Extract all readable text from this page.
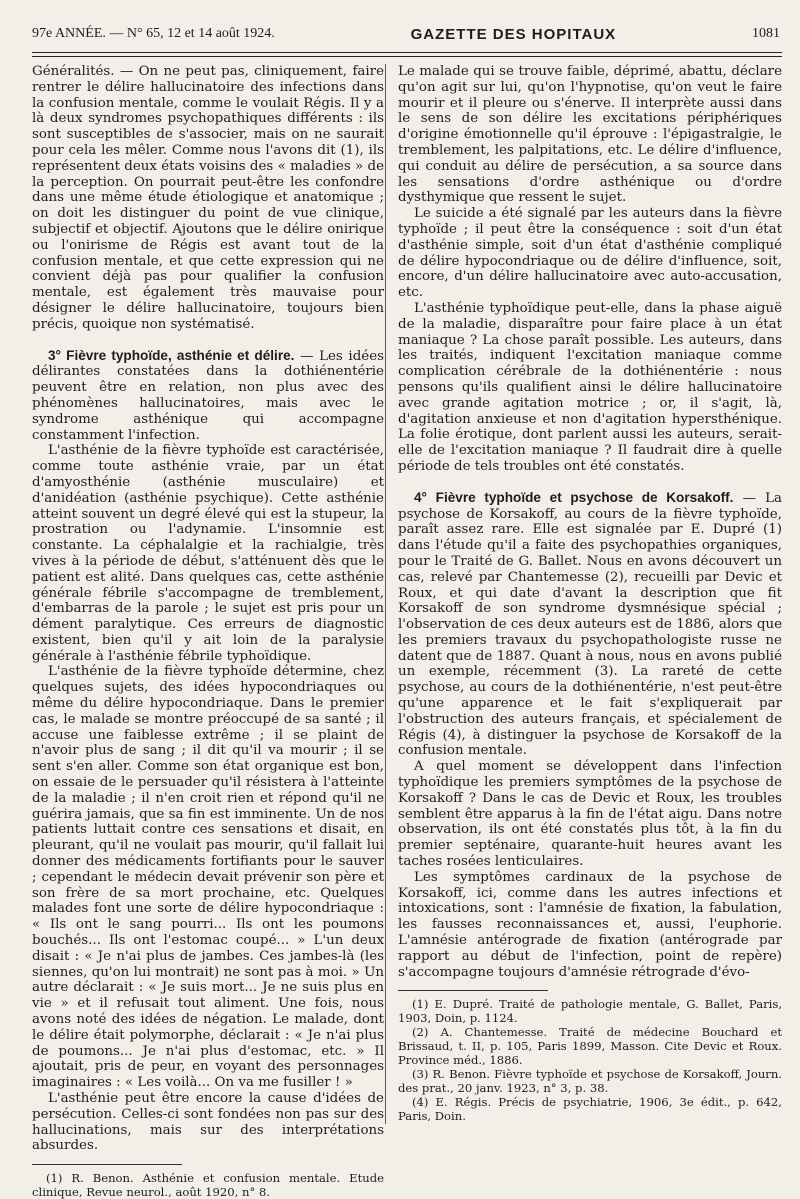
97e ANNÉE. — N° 65, 12 et 14 août 1924.	GAZETTE DES HOPITAUX	1081

Généralités. — On ne peut pas, cliniquement, faire rentrer le délire hallucinatoire des infections dans la confusion mentale, comme le voulait Régis. Il y a là deux syndromes psychopathiques différents : ils sont susceptibles de s'associer, mais on ne saurait pour cela les mêler. Comme nous l'avons dit (1), ils représentent deux états voisins des « maladies » de la perception. On pourrait peut-être les confondre dans une même étude étiologique et anatomique ; on doit les distinguer du point de vue clinique, subjectif et objectif. Ajoutons que le délire onirique ou l'onirisme de Régis est avant tout de la confusion mentale, et que cette expression qui ne convient déjà pas pour qualifier la confusion mentale, est également très mauvaise pour désigner le délire hallucinatoire, toujours bien précis, quoique non systématisé.

3° Fièvre typhoïde, asthénie et délire. — Les idées délirantes constatées dans la dothiénentérie peuvent être en relation, non plus avec des phénomènes hallucinatoires, mais avec le syndrome asthénique qui accompagne constamment l'infection.

L'asthénie de la fièvre typhoïde est caractérisée, comme toute asthénie vraie, par un état d'amyosthénie (asthénie musculaire) et d'anidéation (asthénie psychique). Cette asthénie atteint souvent un degré élevé qui est la stupeur, la prostration ou l'adynamie. L'insomnie est constante. La céphalalgie et la rachialgie, très vives à la période de début, s'atténuent dès que le patient est alité. Dans quelques cas, cette asthénie générale fébrile s'accompagne de tremblement, d'embarras de la parole ; le sujet est pris pour un dément paralytique. Ces erreurs de diagnostic existent, bien qu'il y ait loin de la paralysie générale à l'asthénie fébrile typhoïdique.

L'asthénie de la fièvre typhoïde détermine, chez quelques sujets, des idées hypocondriaques ou même du délire hypocondriaque. Dans le premier cas, le malade se montre préoccupé de sa santé ; il accuse une faiblesse extrême ; il se plaint de n'avoir plus de sang ; il dit qu'il va mourir ; il se sent s'en aller. Comme son état organique est bon, on essaie de le persuader qu'il résistera à l'atteinte de la maladie ; il n'en croit rien et répond qu'il ne guérira jamais, que sa fin est imminente. Un de nos patients luttait contre ces sensations et disait, en pleurant, qu'il ne voulait pas mourir, qu'il fallait lui donner des médicaments fortifiants pour le sauver ; cependant le médecin devait prévenir son père et son frère de sa mort prochaine, etc. Quelques malades font une sorte de délire hypocondriaque : « Ils ont le sang pourri... Ils ont les poumons bouchés... Ils ont l'estomac coupé... » L'un deux disait : « Je n'ai plus de jambes. Ces jambes-là (les siennes, qu'on lui montrait) ne sont pas à moi. » Un autre déclarait : « Je suis mort... Je ne suis plus en vie » et il refusait tout aliment. Une fois, nous avons noté des idées de négation. Le malade, dont le délire était polymorphe, déclarait : « Je n'ai plus de poumons... Je n'ai plus d'estomac, etc. » Il ajoutait, pris de peur, en voyant des personnages imaginaires : « Les voilà... On va me fusiller ! »

L'asthénie peut être encore la cause d'idées de persécution. Celles-ci sont fondées non pas sur des hallucinations, mais sur des interprétations absurdes.

(1) R. Benon. Asthénie et confusion mentale. Etude clinique, Revue neurol., août 1920, n° 8.

Le malade qui se trouve faible, déprimé, abattu, déclare qu'on agit sur lui, qu'on l'hypnotise, qu'on veut le faire mourir et il pleure ou s'énerve. Il interprète aussi dans le sens de son délire les excitations périphériques d'origine émotionnelle qu'il éprouve : l'épigastralgie, le tremblement, les palpitations, etc. Le délire d'influence, qui conduit au délire de persécution, a sa source dans les sensations d'ordre asthénique ou d'ordre dysthymique que ressent le sujet.

Le suicide a été signalé par les auteurs dans la fièvre typhoïde ; il peut être la conséquence : soit d'un état d'asthénie simple, soit d'un état d'asthénie compliqué de délire hypocondriaque ou de délire d'influence, soit, encore, d'un délire hallucinatoire avec auto-accusation, etc.

L'asthénie typhoïdique peut-elle, dans la phase aiguë de la maladie, disparaître pour faire place à un état maniaque ? La chose paraît possible. Les auteurs, dans les traités, indiquent l'excitation maniaque comme complication cérébrale de la dothiénentérie : nous pensons qu'ils qualifient ainsi le délire hallucinatoire avec grande agitation motrice ; or, il s'agit, là, d'agitation anxieuse et non d'agitation hypersthénique. La folie érotique, dont parlent aussi les auteurs, serait-elle de l'excitation maniaque ? Il faudrait dire à quelle période de tels troubles ont été constatés.

4° Fièvre typhoïde et psychose de Korsakoff. — La psychose de Korsakoff, au cours de la fièvre typhoïde, paraît assez rare. Elle est signalée par E. Dupré (1) dans l'étude qu'il a faite des psychopathies organiques, pour le Traité de G. Ballet. Nous en avons découvert un cas, relevé par Chantemesse (2), recueilli par Devic et Roux, et qui date d'avant la description que fit Korsakoff de son syndrome dysmnésique spécial ; l'observation de ces deux auteurs est de 1886, alors que les premiers travaux du psychopathologiste russe ne datent que de 1887. Quant à nous, nous en avons publié un exemple, récemment (3). La rareté de cette psychose, au cours de la dothiénentérie, n'est peut-être qu'une apparence et le fait s'expliquerait par l'obstruction des auteurs français, et spécialement de Régis (4), à distinguer la psychose de Korsakoff de la confusion mentale.

A quel moment se développent dans l'infection typhoïdique les premiers symptômes de la psychose de Korsakoff ? Dans le cas de Devic et Roux, les troubles semblent être apparus à la fin de l'état aigu. Dans notre observation, ils ont été constatés plus tôt, à la fin du premier septénaire, quarante-huit heures avant les taches rosées lenticulaires.

Les symptômes cardinaux de la psychose de Korsakoff, ici, comme dans les autres infections et intoxications, sont : l'amnésie de fixation, la fabulation, les fausses reconnaissances et, aussi, l'euphorie. L'amnésie antérograde de fixation (antérograde par rapport au début de l'infection, point de repère) s'accompagne toujours d'amnésie rétrograde d'évo-

(1) E. Dupré. Traité de pathologie mentale, G. Ballet, Paris, 1903, Doin, p. 1124.

(2) A. Chantemesse. Traité de médecine Bouchard et Brissaud, t. II, p. 105, Paris 1899, Masson. Cite Devic et Roux. Province méd., 1886.

(3) R. Benon. Fièvre typhoïde et psychose de Korsakoff, Journ. des prat., 20 janv. 1923, n° 3, p. 38.

(4) E. Régis. Précis de psychiatrie, 1906, 3e édit., p. 642, Paris, Doin.
